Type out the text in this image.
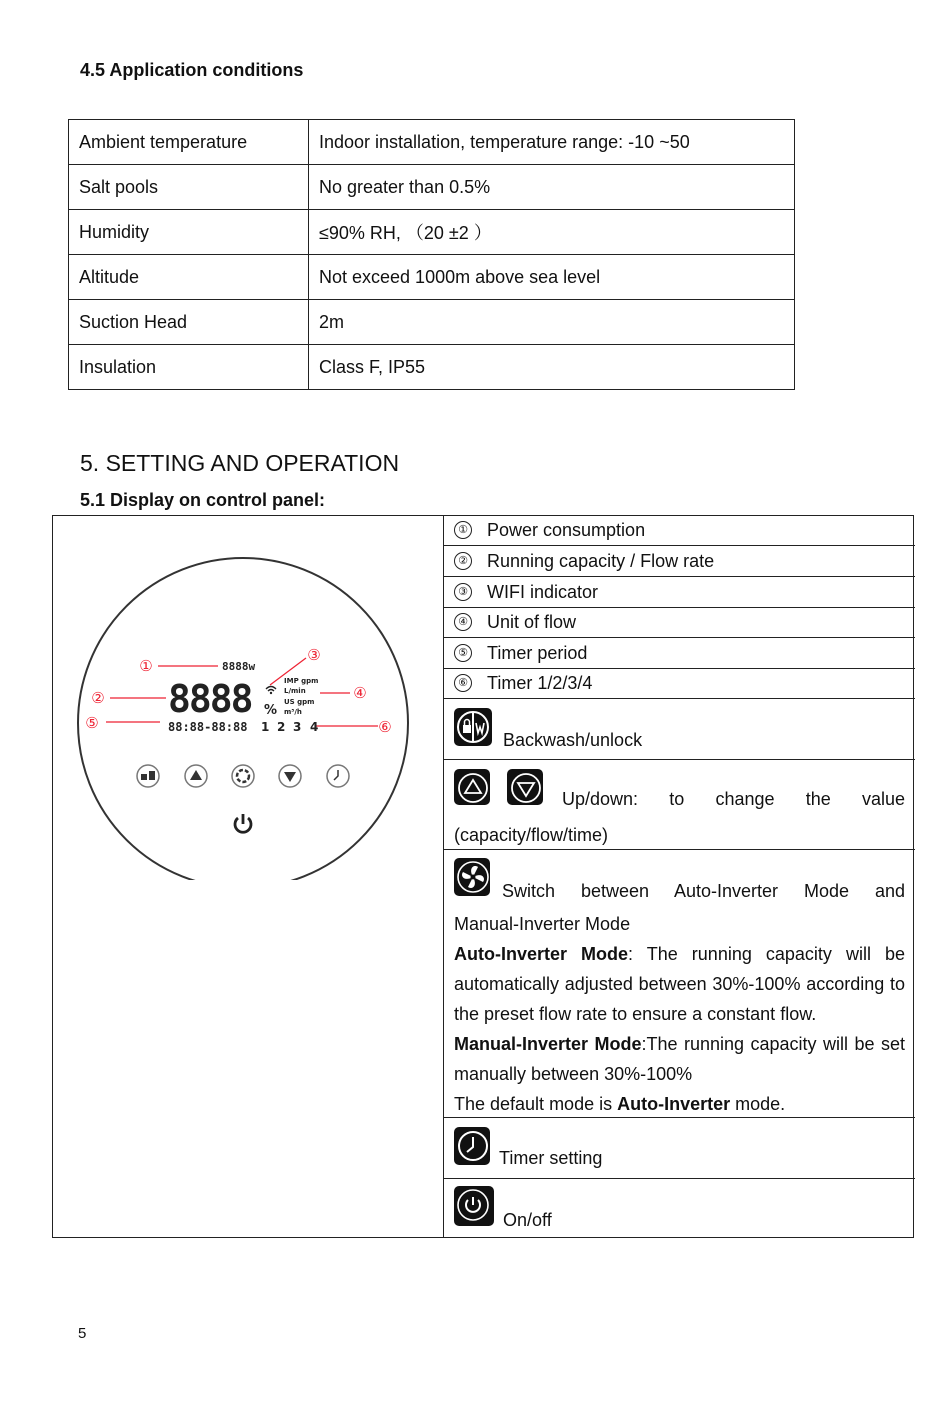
4.5 Application conditions
Ambient temperature	Indoor installation, temperature range: -10 ~50
Salt pools	No greater than 0.5%
Humidity	≤90% RH, （20 ±2 ）
Altitude	Not exceed 1000m above sea level
Suction Head	2m
Insulation	Class F, IP55
5. SETTING AND OPERATION
5.1 Display on control panel:
①
②
③
④
⑤	⑥
8888w
8888 %
IMP gpm
L/min
US gpm
m³/h
88:88-88:88 1 2 3 4
① Power consumption
② Running capacity / Flow rate
③ WIFI indicator
④ Unit of flow
⑤ Timer period
⑥ Timer 1/2/3/4
Backwash/unlock
Up/down: to change the value
(capacity/flow/time)
Switch between Auto-Inverter Mode and
Manual-Inverter Mode
Auto-Inverter Mode: The running capacity will be automatically adjusted between 30%-100% according to the preset flow rate to ensure a constant flow.
Manual-Inverter Mode:The running capacity will be set manually between 30%-100%
The default mode is Auto-Inverter mode.
Timer setting
On/off
5
